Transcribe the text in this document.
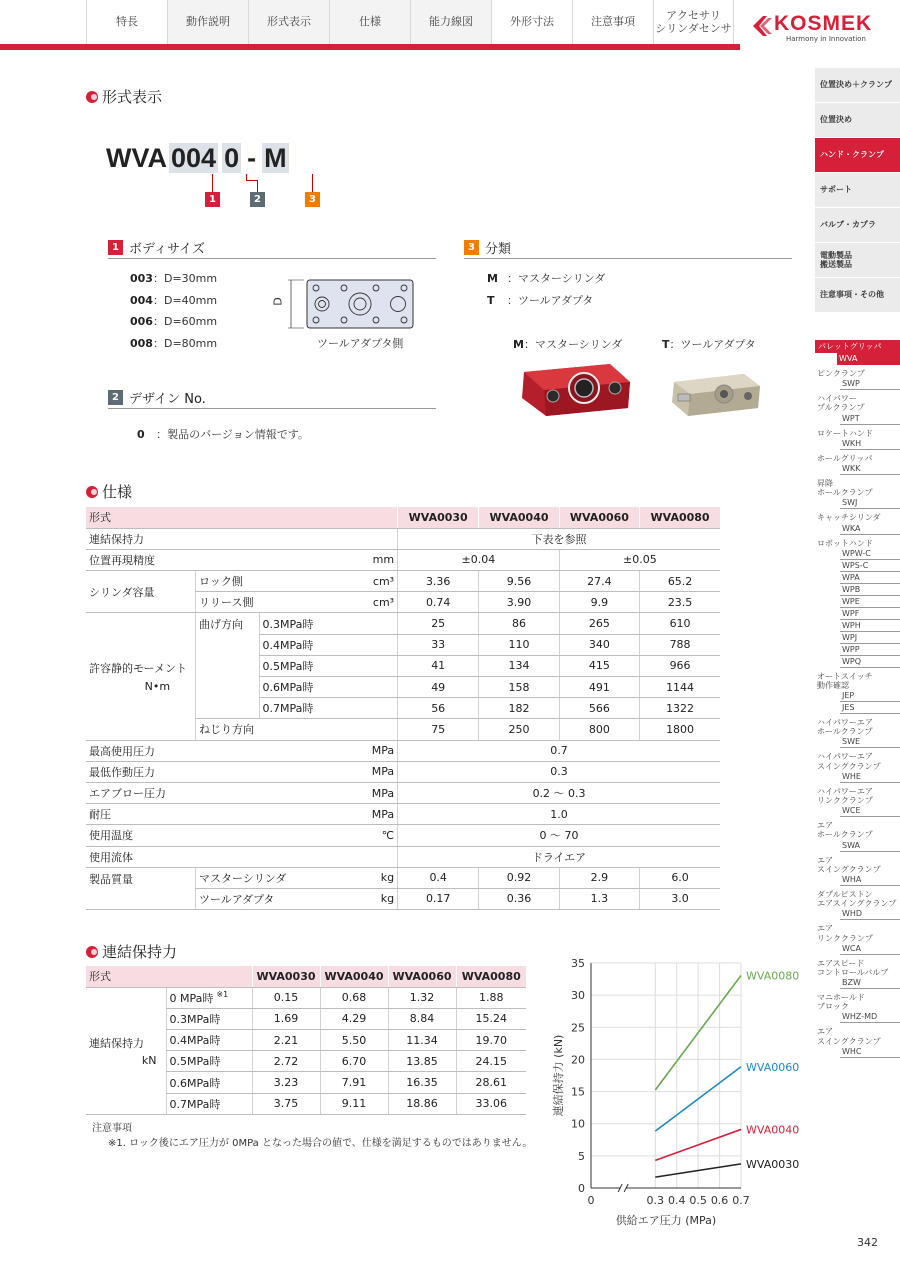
特長	動作説明	形式表示	仕様	能力線図	外形寸法	注意事項
アクセサリ
シリンダセンサ KOSMEK
Harmony in Innovation
位置決め＋クランプ
位置決め
ハンド・クランプ
サポート
バルブ・カプラ
電動製品
搬送製品
注意事項・その他
パレットグリッパ
WVA
ピンクランプ
SWP
ハイパワー
プルクランプ
WPT
ロケートハンド
WKH
ホールグリッパ
WKK
昇降
ホールクランプ
SWJ
キャッチシリンダ
WKA
ロボットハンド
WPW-C
WPS-C
WPA
WPB
WPE
WPF
WPH
WPJ
WPP
WPQ
オートスイッチ
動作確認
JEP
JES
ハイパワーエア
ホールクランプ
SWE
ハイパワーエア
スイングクランプ
WHE
ハイパワーエア
リンククランプ
WCE
エア
ホールクランプ
SWA
エア
スイングクランプ
WHA
ダブルピストン
エアスイングクランプ
WHD
エア
リンククランプ
WCA
エアスピード
コントロールバルブ
BZW
マニホールド
ブロック
WHZ-MD
エア
スイングクランプ
WHC
形式表示
WVA 004 0 - M
1	2	3
1 ボディサイズ
003：D=30mm
004：D=40mm
006：D=60mm
008：D=80mm
D
ツールアダプタ側
2 デザイン No.
0 ：製品のバージョン情報です。
3 分類
M ：マスターシリンダ
T ：ツールアダプタ
M：マスターシリンダ	T：ツールアダプタ
仕様
形式				WVA0030	WVA0040	WVA0060	WVA0080
連結保持力				下表を参照			
位置再現精度			mm	±0.04		±0.05	
シリンダ容量	ロック側		cm³	3.36	9.56	27.4	65.2
	リリース側		cm³	0.74	3.90	9.9	23.5

許容静的モーメント
N•m	曲げ方向	0.3MPa時		25	86	265	610
		0.4MPa時		33	110	340	788
		0.5MPa時		41	134	415	966
		0.6MPa時		49	158	491	1144
		0.7MPa時		56	182	566	1322
	ねじり方向			75	250	800	1800
最高使用圧力			MPa	0.7			
最低作動圧力			MPa	0.3			
エアブロー圧力			MPa	0.2 〜 0.3			
耐圧			MPa	1.0			
使用温度			℃	0 〜 70			
使用流体				ドライエア			
製品質量	マスターシリンダ		kg	0.4	0.92	2.9	6.0
	ツールアダプタ		kg	0.17	0.36	1.3	3.0
連結保持力
形式		WVA0030	WVA0040	WVA0060	WVA0080

連結保持力
kN	0 MPa時 $^{※1}$	0.15	0.68	1.32	1.88
	0.3MPa時	1.69	4.29	8.84	15.24
	0.4MPa時	2.21	5.50	11.34	19.70
	0.5MPa時	2.72	6.70	13.85	24.15
	0.6MPa時	3.23	7.91	16.35	28.61
	0.7MPa時	3.75	9.11	18.86	33.06
注意事項
※1. ロック後にエア圧力が 0MPa となった場合の値で、仕様を満足するものではありません。
0
5
10
15
20
25
30
35
0	0.3 0.4 0.5 0.6 0.7
WVA0080
WVA0060
WVA0040
WVA0030
供給エア圧力 (MPa)
連結保持力 (kN)
342
